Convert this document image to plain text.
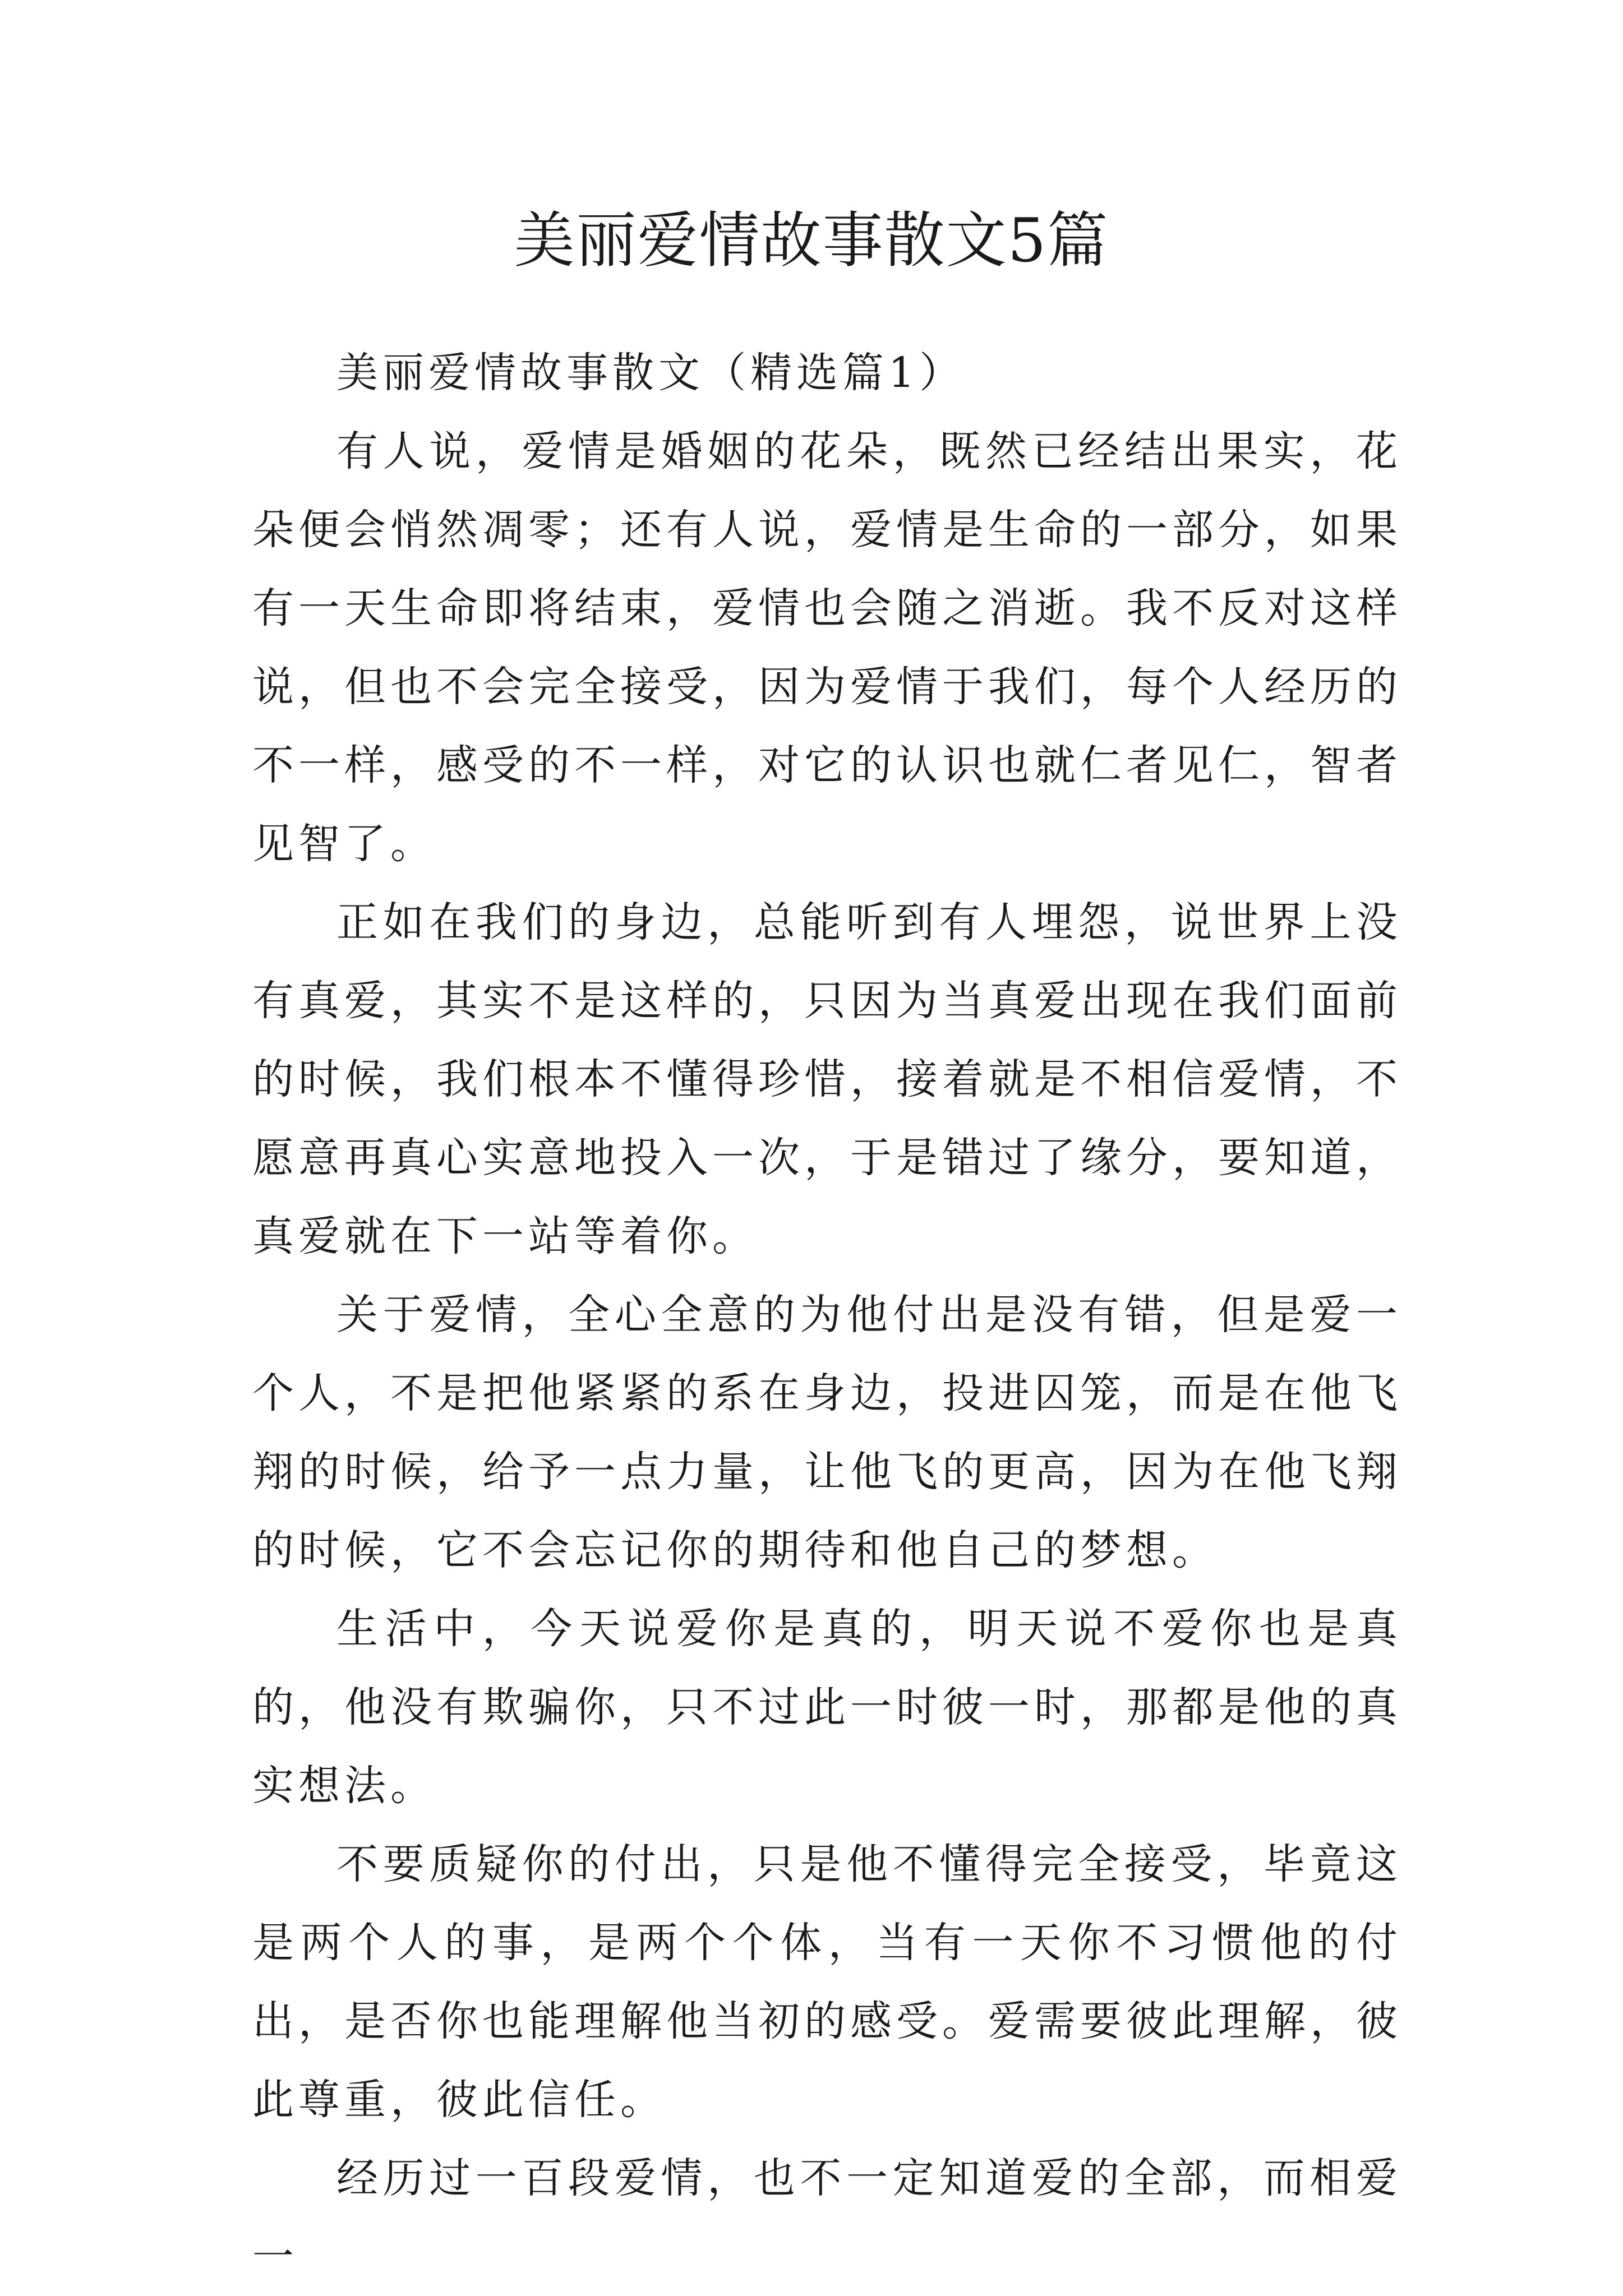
美丽爱情故事散文5篇
美丽爱情故事散文（精选篇1）

有人说，爱情是婚姻的花朵，既然已经结出果实，花朵便会悄然凋零；还有人说，爱情是生命的一部分，如果有一天生命即将结束，爱情也会随之消逝。我不反对这样说，但也不会完全接受，因为爱情于我们，每个人经历的不一样，感受的不一样，对它的认识也就仁者见仁，智者见智了。

正如在我们的身边，总能听到有人埋怨，说世界上没有真爱，其实不是这样的，只因为当真爱出现在我们面前的时候，我们根本不懂得珍惜，接着就是不相信爱情，不愿意再真心实意地投入一次，于是错过了缘分，要知道，真爱就在下一站等着你。

关于爱情，全心全意的为他付出是没有错，但是爱一个人，不是把他紧紧的系在身边，投进囚笼，而是在他飞翔的时候，给予一点力量，让他飞的更高，因为在他飞翔的时候，它不会忘记你的期待和他自己的梦想。

生活中，今天说爱你是真的，明天说不爱你也是真的，他没有欺骗你，只不过此一时彼一时，那都是他的真实想法。

不要质疑你的付出，只是他不懂得完全接受，毕竟这是两个人的事，是两个个体，当有一天你不习惯他的付出，是否你也能理解他当初的感受。爱需要彼此理解，彼此尊重，彼此信任。

经历过一百段爱情，也不一定知道爱的全部，而相爱一
